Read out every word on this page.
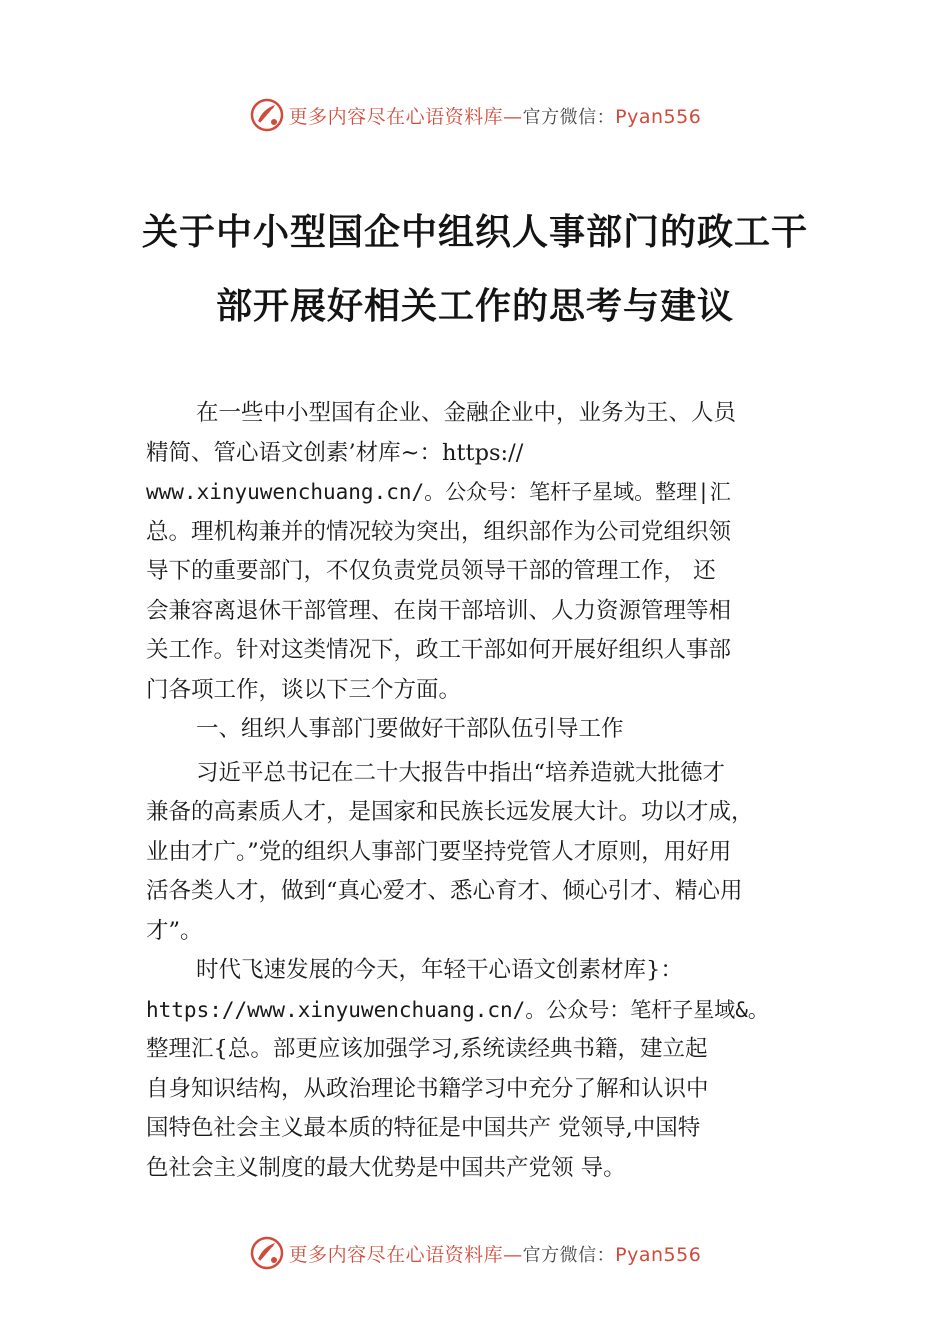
更多内容尽在心语资料库—官方微信：Pyan556
关于中小型国企中组织人事部门的政工干
部开展好相关工作的思考与建议

在一些中小型国有企业、金融企业中，业务为王、人员
精简、管心语文创素’材库~：https://
www.xinyuwenchuang.cn/。公众号：笔杆子星域。整理|汇
总。理机构兼并的情况较为突出，组织部作为公司党组织领
导下的重要部门，不仅负责党员领导干部的管理工作， 还
会兼容离退休干部管理、在岗干部培训、人力资源管理等相
关工作。针对这类情况下，政工干部如何开展好组织人事部
门各项工作，谈以下三个方面。

一、组织人事部门要做好干部队伍引导工作

习近平总书记在二十大报告中指出“培养造就大批德才
兼备的高素质人才，是国家和民族长远发展大计。功以才成，
业由才广。”党的组织人事部门要坚持党管人才原则，用好用
活各类人才，做到“真心爱才、悉心育才、倾心引才、精心用
才”。

时代飞速发展的今天，年轻干心语文创素材库}：
https://www.xinyuwenchuang.cn/。公众号：笔杆子星域&。
整理汇{总。部更应该加强学习,系统读经典书籍，建立起
自身知识结构，从政治理论书籍学习中充分了解和认识中
国特色社会主义最本质的特征是中国共产 党领导,中国特
色社会主义制度的最大优势是中国共产党领 导。

更多内容尽在心语资料库—官方微信：Pyan556
